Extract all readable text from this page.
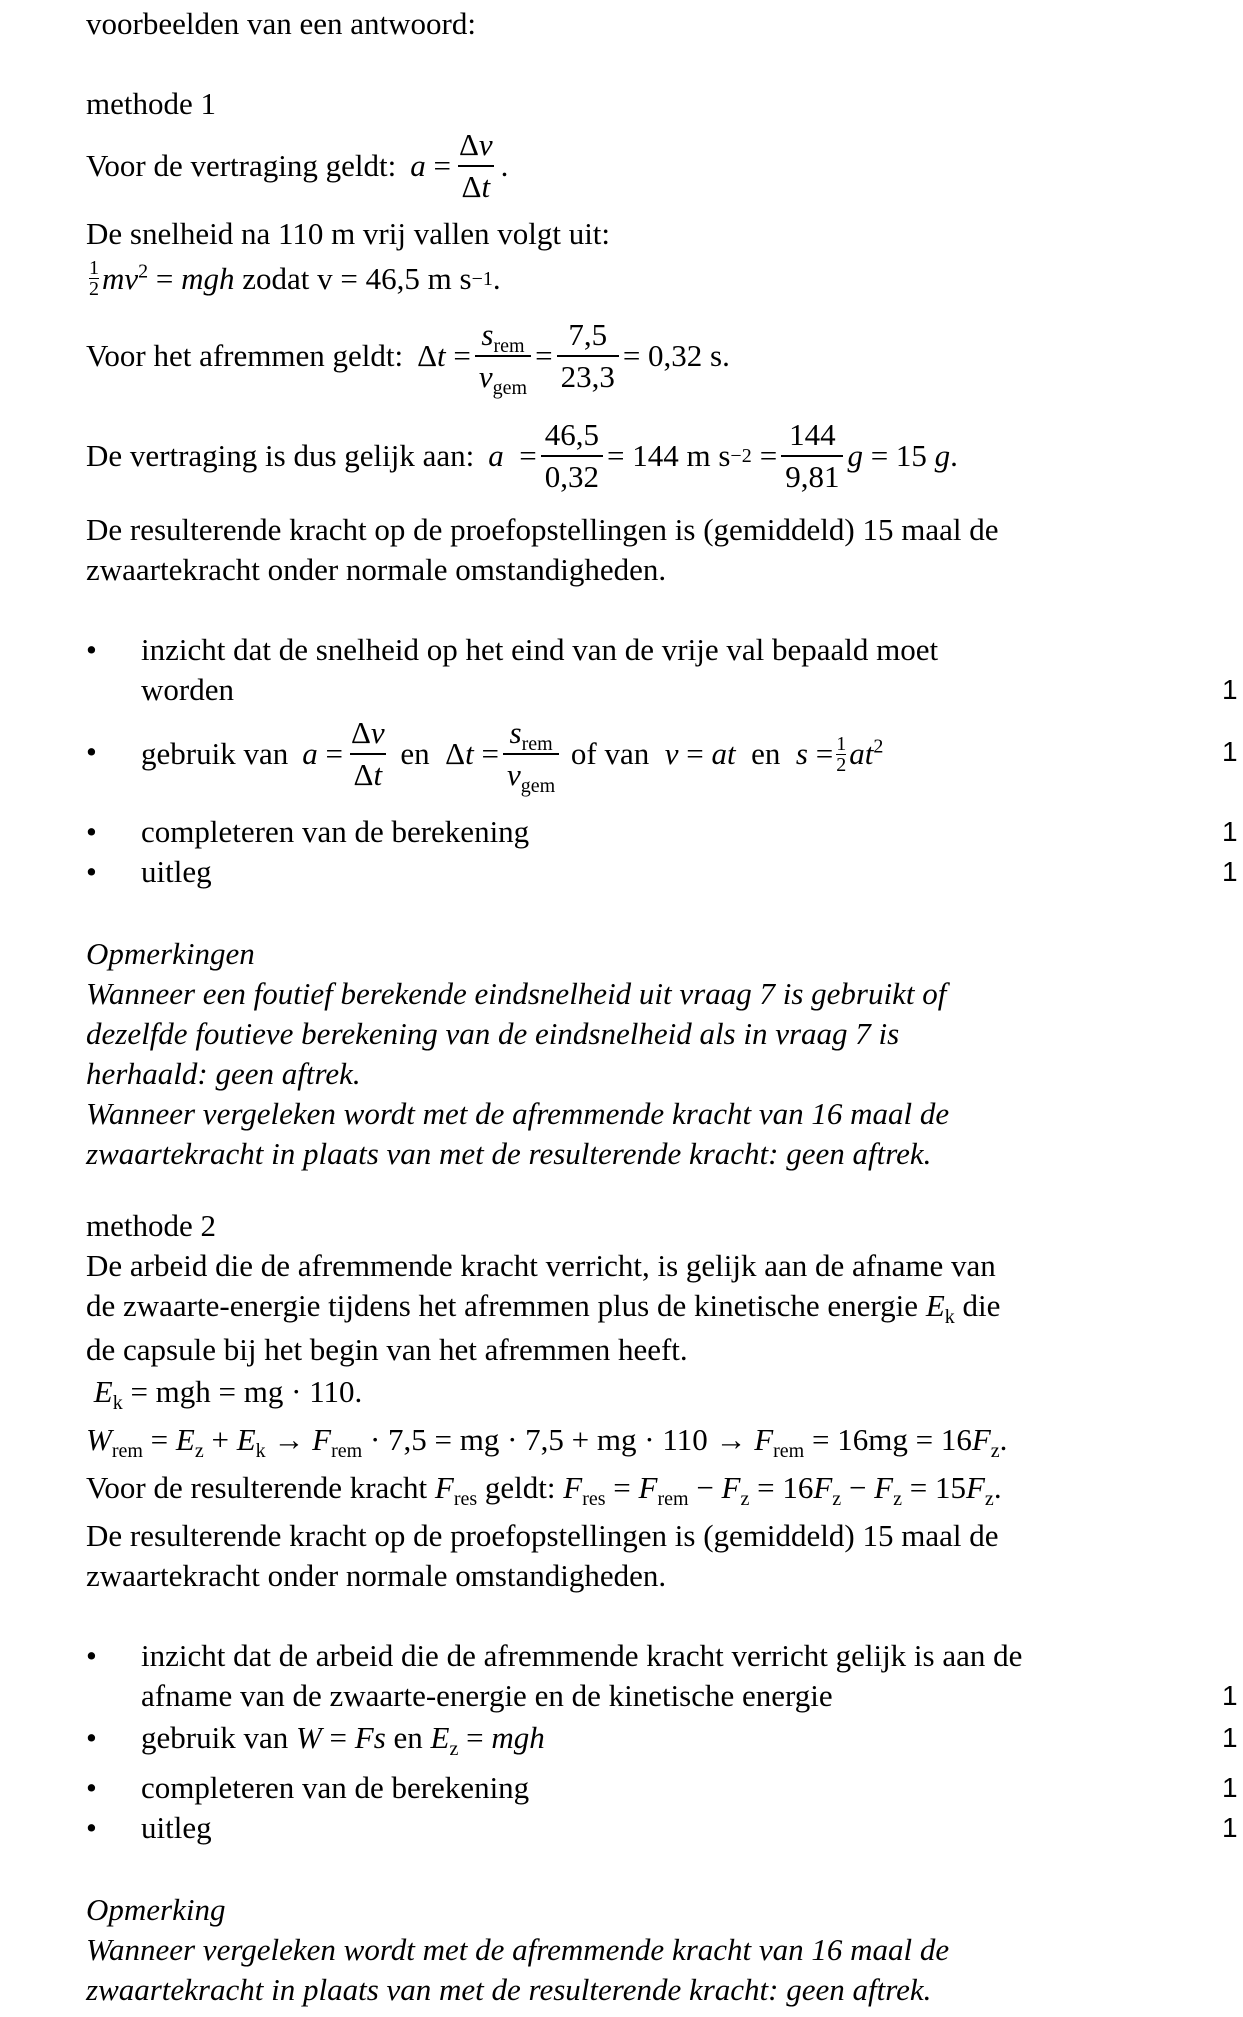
voorbeelden van een antwoord:
methode 1
Voor de vertraging geldt: $a = \frac{\Delta v}{\Delta t}$ .
De snelheid na 110 m vrij vallen volgt uit:
1
2 $mv^2$ = mgh zodat v = 46,5 m s −1 .
Voor het afremmen geldt: $\Delta t = \frac{s_{rem}}{v_{gem}} = \frac{7,5}{23,3} = 0,32$ s.
De vertraging is dus gelijk aan: $a = \frac{46,5}{0,32} = 144$ m $s -2 = \frac{144}{9,81}$ g
= 15
g .
De resulterende kracht op de proefopstellingen is (gemiddeld) 15 maal de
zwaartekracht onder normale omstandigheden.
• inzicht dat de snelheid op het eind van de vrije val bepaald moet
worden	1
• gebruik van $a = \frac{\Delta v}{\Delta t}$ en  $\Delta t = \frac{s_{rem}}{v_{gem}}$ of van  v = at  en  $s = \frac{1}{2} at^2$	1
• completeren van de berekening	1
• uitleg	1
Opmerkingen
Wanneer een foutief berekende eindsnelheid uit vraag 7 is gebruikt of
dezelfde foutieve berekening van de eindsnelheid als in vraag 7 is
herhaald: geen aftrek.
Wanneer vergeleken wordt met de afremmende kracht van 16 maal de
zwaartekracht in plaats van met de resulterende kracht: geen aftrek.
methode 2
De arbeid die de afremmende kracht verricht, is gelijk aan de afname van
de zwaarte-energie tijdens het afremmen plus de kinetische energie $E_k$ die
de capsule bij het begin van het afremmen heeft.
$E_k$ = mgh = mg · 110.
$W_{rem} = E_z + E_k \to F_{rem} \cdot 7,5$ = mg · 7,5 + mg · $110 \to F_{rem} = 16mg = 16F_z$.
Voor de resulterende kracht $F_{res}$ geldt: $F_{res} = F_{rem} - F_z = 16F_z - F_z = 15F_z$.
De resulterende kracht op de proefopstellingen is (gemiddeld) 15 maal de
zwaartekracht onder normale omstandigheden.
• inzicht dat de arbeid die de afremmende kracht verricht gelijk is aan de
afname van de zwaarte-energie en de kinetische energie	1
• gebruik van W = Fs en $E_z$ = mgh	1
• completeren van de berekening	1
• uitleg	1
Opmerking
Wanneer vergeleken wordt met de afremmende kracht van 16 maal de
zwaartekracht in plaats van met de resulterende kracht: geen aftrek.
